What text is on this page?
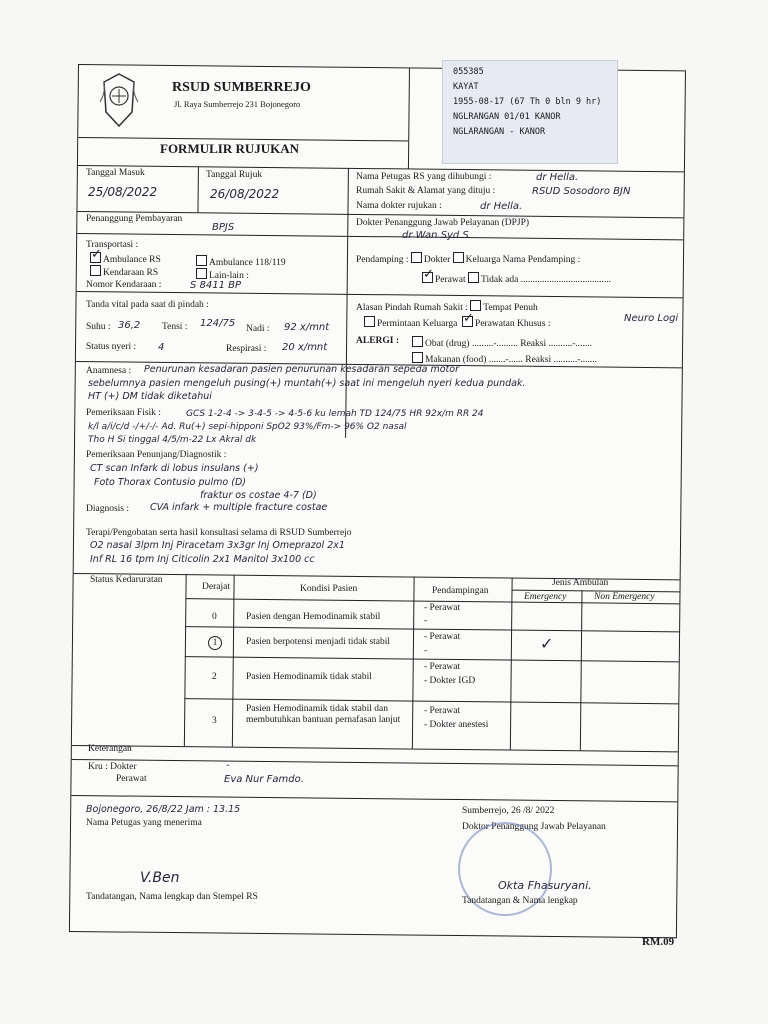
RSUD SUMBERREJO
Jl. Raya Sumberrejo 231 Bojonegoro
FORMULIR RUJUKAN
055385
KAYAT
1955-08-17 (67 Th 0 bln 9 hr)
NGLRANGAN 01/01 KANOR
NGLARANGAN - KANOR
Tanggal Masuk
25/08/2022
Tanggal Rujuk
26/08/2022
Nama Petugas RS yang dihubungi :	dr Hella.
Rumah Sakit & Alamat yang dituju :	RSUD Sosodoro BJN
Nama dokter rujukan :	dr Hella.
Penanggung Pembayaran
BPJS	Dokter Penanggung Jawab Pelayanan (DPJP)
dr Wan Syd S
Transportasi :
✓Ambulance RS	Ambulance 118/119
Kendaraan RS	Lain-lain :
Nomor Kendaraan :	S 8411 BP
Pendamping : Dokter Keluarga Nama Pendamping :
✓Perawat Tidak ada ......................................
Tanda vital pada saat di pindah :
Suhu : 36,2 Tensi : 124/75 Nadi : 92 x/mnt
Status nyeri : 4	Respirasi : 20 x/mnt
Alasan Pindah Rumah Sakit : Tempat Penuh
Permintaan Keluarga  ✓ Perawatan Khusus :	Neuro Logi
ALERGI :	Obat (drug) .........-......... Reaksi ..........-.......
Makanan (food) .......-...... Reaksi ..........-.......
Anamnesa : Penurunan kesadaran pasien penurunan kesadaran sepeda motor
sebelumnya pasien mengeluh pusing(+) muntah(+) saat ini mengeluh nyeri kedua pundak.
HT (+) DM tidak diketahui
Pemeriksaan Fisik :	GCS 1-2-4 -> 3-4-5 -> 4-5-6 ku lemah TD 124/75 HR 92x/m RR 24
k/l a/i/c/d -/+/-/- Ad. Ru(+) sepi-hipponi SpO2 93%/Fm-> 96% O2 nasal
Tho H Si tinggal 4/5/m-22 Lx Akral dk
Pemeriksaan Penunjang/Diagnostik :
CT scan Infark di lobus insulans (+)
Foto Thorax Contusio pulmo (D)
fraktur os costae 4-7 (D)
Diagnosis : CVA infark + multiple fracture costae
Terapi/Pengobatan serta hasil konsultasi selama di RSUD Sumberrejo
O2 nasal 3lpm Inj Piracetam 3x3gr Inj Omeprazol 2x1
Inf RL 16 tpm Inj Citicolin 2x1 Manitol 3x100 cc
Status Kedaruratan
Derajat	Kondisi Pasien	Pendampingan
Jenis Ambulan
Emergency	Non Emergency
0	Pasien dengan Hemodinamik stabil
- Perawat
-
1	Pasien berpotensi menjadi tidak stabil	- Perawat
-	✓
2	Pasien Hemodinamik tidak stabil
- Perawat
- Dokter IGD
3
Pasien Hemodinamik tidak stabil dan membutuhkan bantuan pernafasan lanjut
- Perawat
- Dokter anestesi
Keterangan	-
Kru : Dokter	-
Perawat	Eva Nur Famdo.
Bojonegoro, 26/8/22 Jam : 13.15
Nama Petugas yang menerima
V.Ben
Tandatangan, Nama lengkap dan Stempel RS
Sumberrejo, 26 /8/ 2022
Doktor Penanggung Jawab Pelayanan
Okta Fhasuryani.
Tandatangan & Nama lengkap
RM.09
